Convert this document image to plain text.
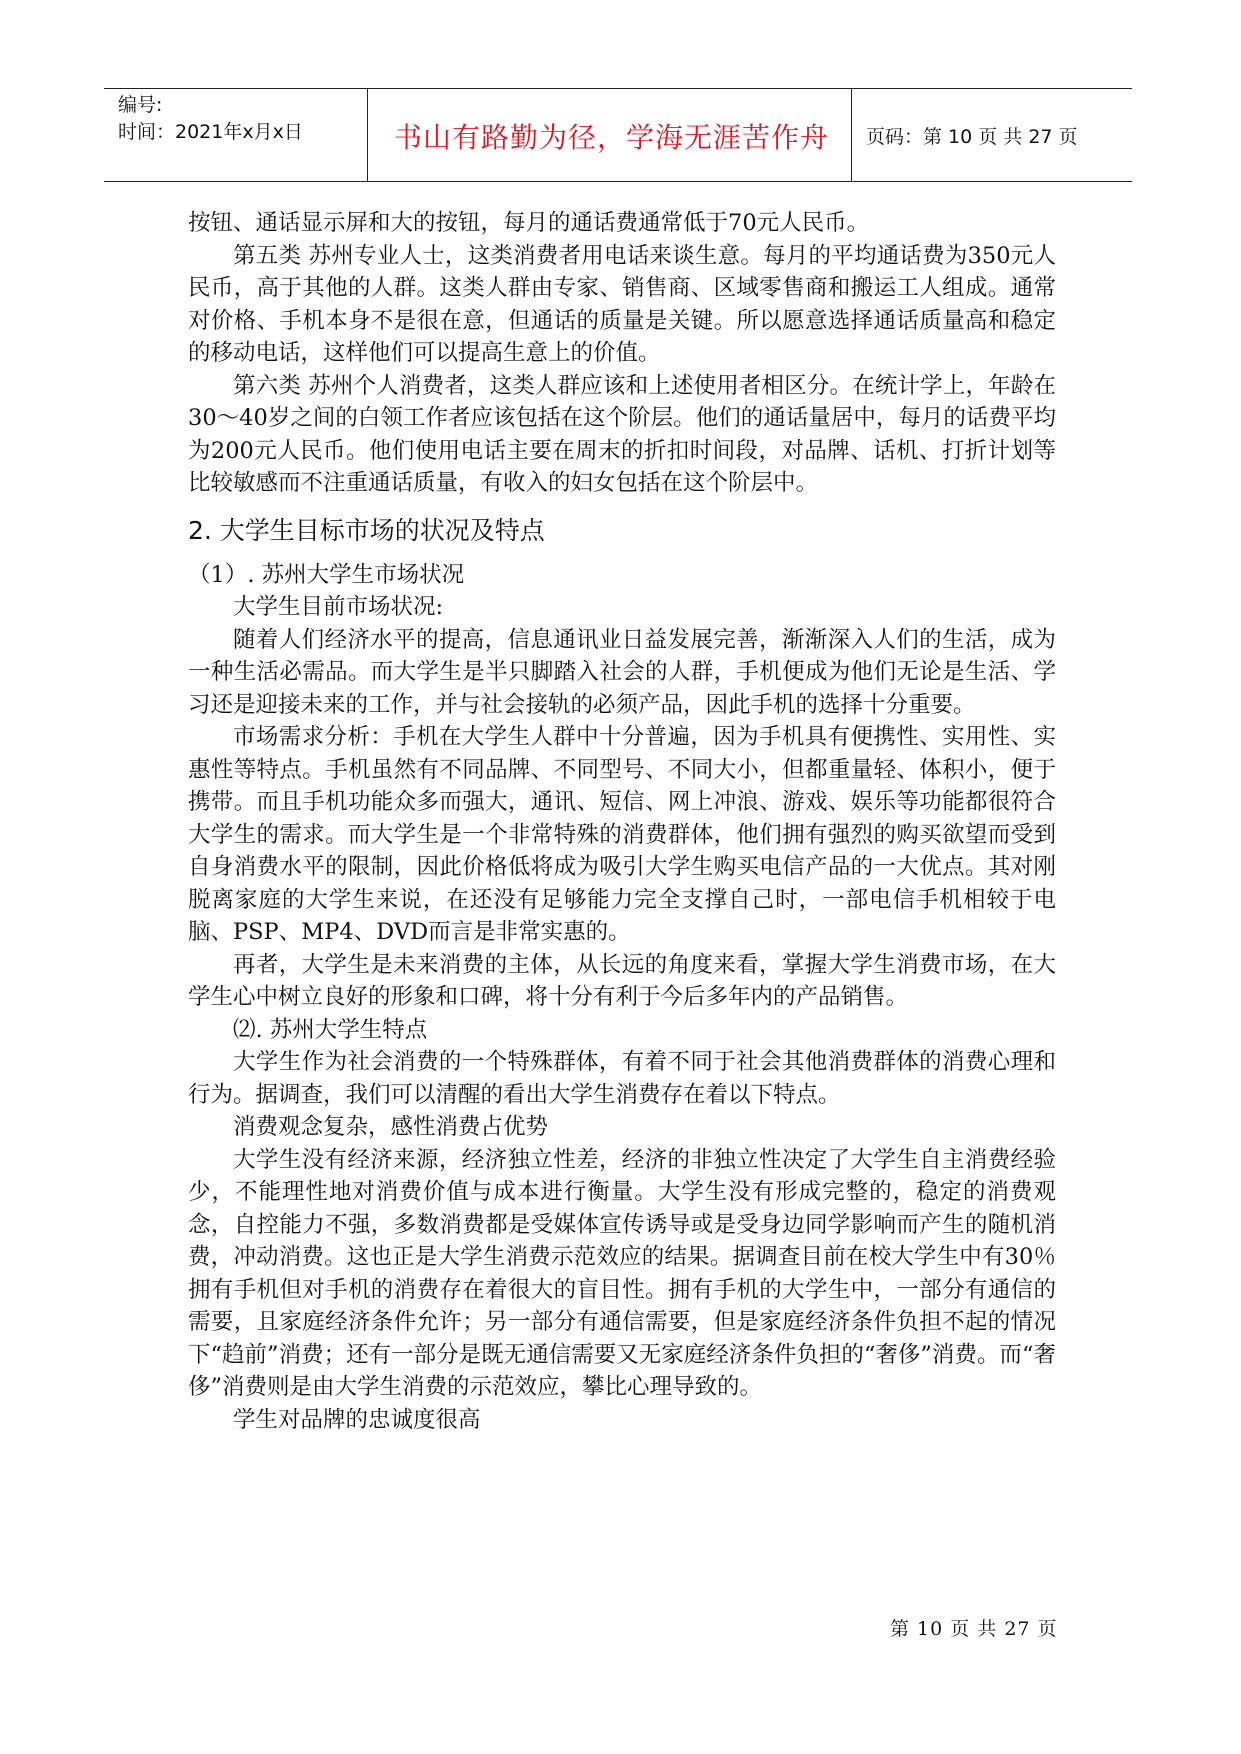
编号:
时间：2021年x月x日	书山有路勤为径，学海无涯苦作舟 页码：第 10 页 共 27 页

按钮、通话显示屏和大的按钮，每月的通话费通常低于70元人民币。

第五类 苏州专业人士，这类消费者用电话来谈生意。每月的平均通话费为350元人民币，高于其他的人群。这类人群由专家、销售商、区域零售商和搬运工人组成。通常对价格、手机本身不是很在意，但通话的质量是关键。所以愿意选择通话质量高和稳定的移动电话，这样他们可以提高生意上的价值。

第六类 苏州个人消费者，这类人群应该和上述使用者相区分。在统计学上，年龄在30～40岁之间的白领工作者应该包括在这个阶层。他们的通话量居中，每月的话费平均为200元人民币。他们使用电话主要在周末的折扣时间段，对品牌、话机、打折计划等比较敏感而不注重通话质量，有收入的妇女包括在这个阶层中。

2. 大学生目标市场的状况及特点

（1）. 苏州大学生市场状况

大学生目前市场状况:

随着人们经济水平的提高，信息通讯业日益发展完善，渐渐深入人们的生活，成为一种生活必需品。而大学生是半只脚踏入社会的人群，手机便成为他们无论是生活、学习还是迎接未来的工作，并与社会接轨的必须产品，因此手机的选择十分重要。

市场需求分析：手机在大学生人群中十分普遍，因为手机具有便携性、实用性、实惠性等特点。手机虽然有不同品牌、不同型号、不同大小，但都重量轻、体积小，便于携带。而且手机功能众多而强大，通讯、短信、网上冲浪、游戏、娱乐等功能都很符合大学生的需求。而大学生是一个非常特殊的消费群体，他们拥有强烈的购买欲望而受到自身消费水平的限制，因此价格低将成为吸引大学生购买电信产品的一大优点。其对刚脱离家庭的大学生来说，在还没有足够能力完全支撑自己时，一部电信手机相较于电脑、PSP、MP4、DVD而言是非常实惠的。

再者，大学生是未来消费的主体，从长远的角度来看，掌握大学生消费市场，在大学生心中树立良好的形象和口碑，将十分有利于今后多年内的产品销售。

⑵. 苏州大学生特点

大学生作为社会消费的一个特殊群体，有着不同于社会其他消费群体的消费心理和行为。据调查，我们可以清醒的看出大学生消费存在着以下特点。

消费观念复杂，感性消费占优势

大学生没有经济来源，经济独立性差，经济的非独立性决定了大学生自主消费经验少，不能理性地对消费价值与成本进行衡量。大学生没有形成完整的，稳定的消费观念，自控能力不强，多数消费都是受媒体宣传诱导或是受身边同学影响而产生的随机消费，冲动消费。这也正是大学生消费示范效应的结果。据调查目前在校大学生中有30％拥有手机但对手机的消费存在着很大的盲目性。拥有手机的大学生中，一部分有通信的需要，且家庭经济条件允许；另一部分有通信需要，但是家庭经济条件负担不起的情况下“趋前”消费；还有一部分是既无通信需要又无家庭经济条件负担的“奢侈”消费。而“奢侈”消费则是由大学生消费的示范效应，攀比心理导致的。

学生对品牌的忠诚度很高

第 10 页 共 27 页
